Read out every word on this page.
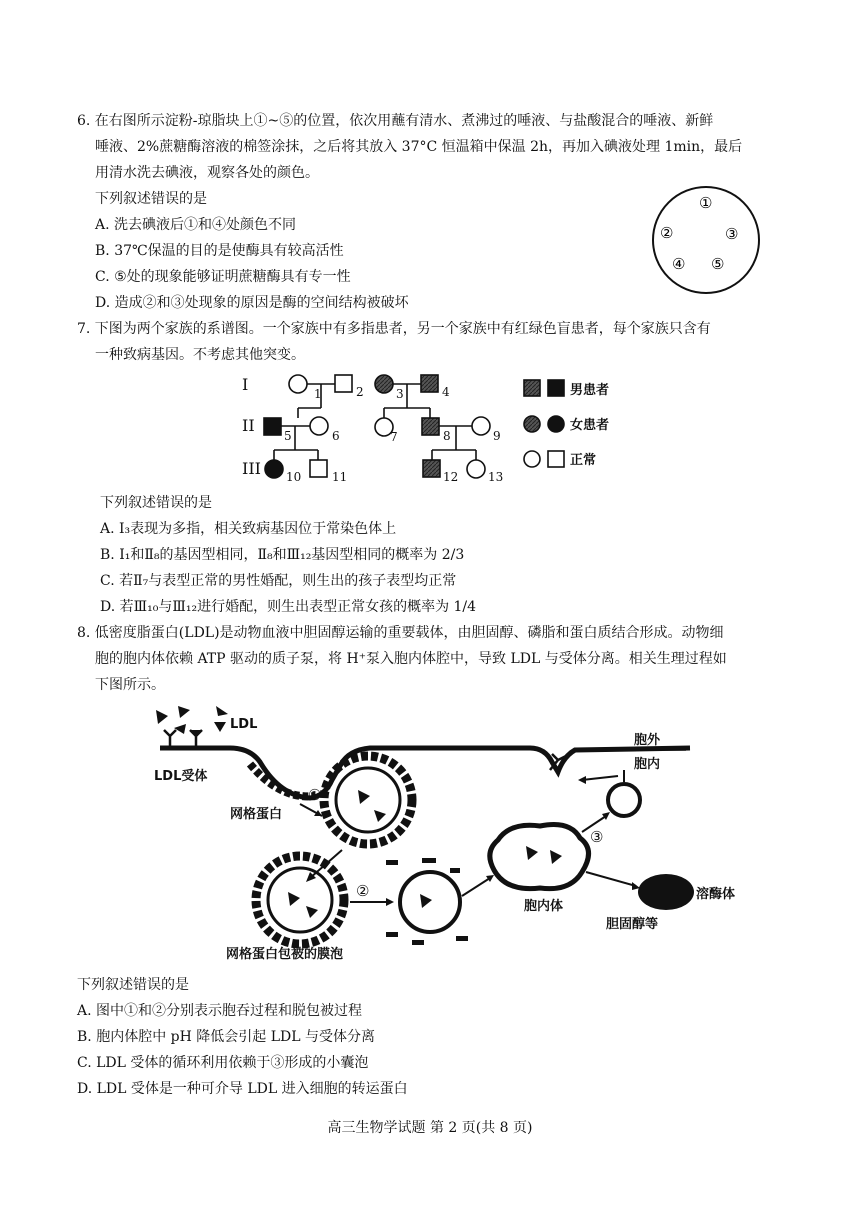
6. 在右图所示淀粉-琼脂块上①~⑤的位置，依次用蘸有清水、煮沸过的唾液、与盐酸混合的唾液、新鲜
唾液、2%蔗糖酶溶液的棉签涂抹，之后将其放入 37°C 恒温箱中保温 2h，再加入碘液处理 1min，最后
用清水洗去碘液，观察各处的颜色。
下列叙述错误的是
A. 洗去碘液后①和④处颜色不同
B. 37℃保温的目的是使酶具有较高活性
C. ⑤处的现象能够证明蔗糖酶具有专一性
D. 造成②和③处现象的原因是酶的空间结构被破坏
①
②	③
④ ⑤
7. 下图为两个家族的系谱图。一个家族中有多指患者，另一个家族中有红绿色盲患者，每个家族只含有
一种致病基因。不考虑其他突变。
I
II
III
1	2
5	6
10	11
3	4
7	8	9
12 13
男患者
女患者
正常
下列叙述错误的是
A. I₃表现为多指，相关致病基因位于常染色体上
B. I₁和Ⅱ₈的基因型相同，Ⅱ₈和Ⅲ₁₂基因型相同的概率为 2/3
C. 若Ⅱ₇与表型正常的男性婚配，则生出的孩子表型均正常
D. 若Ⅲ₁₀与Ⅲ₁₂进行婚配，则生出表型正常女孩的概率为 1/4
8. 低密度脂蛋白(LDL)是动物血液中胆固醇运输的重要载体，由胆固醇、磷脂和蛋白质结合形成。动物细
胞的胞内体依赖 ATP 驱动的质子泵，将 H⁺泵入胞内体腔中，导致 LDL 与受体分离。相关生理过程如
下图所示。
LDL
胞外
胞内
LDL受体
网格蛋白
①
网格蛋白包被的膜泡
②
胞内体
③
溶酶体
胆固醇等
下列叙述错误的是
A. 图中①和②分别表示胞吞过程和脱包被过程
B. 胞内体腔中 pH 降低会引起 LDL 与受体分离
C. LDL 受体的循环利用依赖于③形成的小囊泡
D. LDL 受体是一种可介导 LDL 进入细胞的转运蛋白
高三生物学试题 第 2 页(共 8 页)
